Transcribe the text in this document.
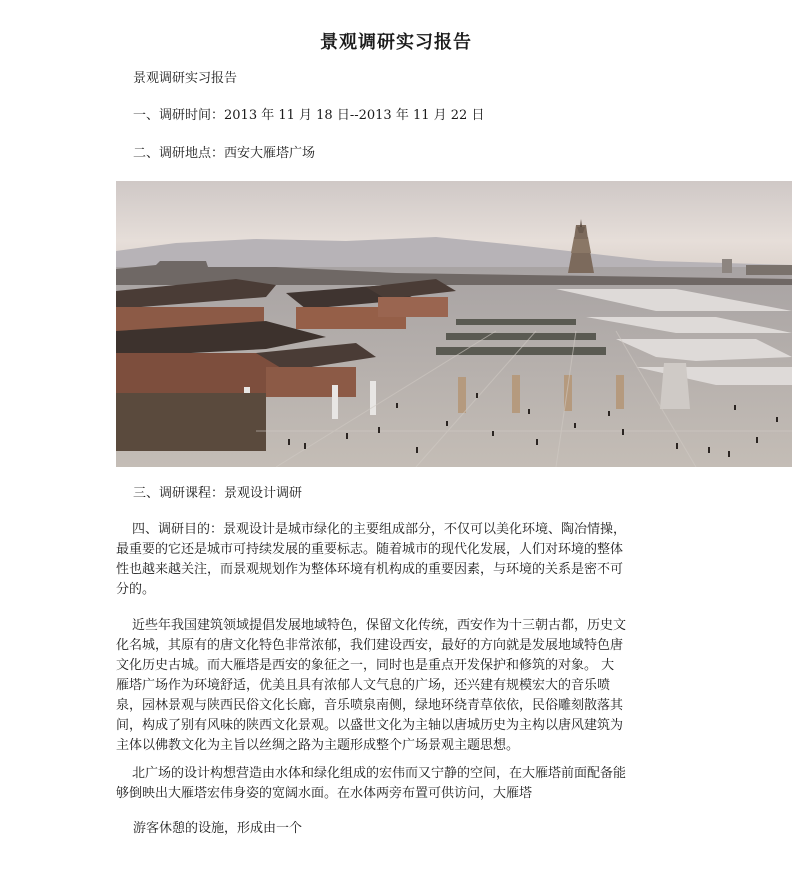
景观调研实习报告
景观调研实习报告
一、调研时间：2013 年 11 月 18 日--2013 年 11 月 22 日
二、调研地点：西安大雁塔广场
三、调研课程：景观设计调研
四、调研目的：景观设计是城市绿化的主要组成部分，不仅可以美化环境、陶冶情操，
最重要的它还是城市可持续发展的重要标志。随着城市的现代化发展，人们对环境的整体
性也越来越关注，而景观规划作为整体环境有机构成的重要因素，与环境的关系是密不可
分的。
近些年我国建筑领域提倡发展地域特色，保留文化传统，西安作为十三朝古都，历史文
化名城，其原有的唐文化特色非常浓郁，我们建设西安，最好的方向就是发展地域特色唐
文化历史古城。而大雁塔是西安的象征之一，同时也是重点开发保护和修筑的对象。 大
雁塔广场作为环境舒适，优美且具有浓郁人文气息的广场，还兴建有规模宏大的音乐喷
泉，园林景观与陕西民俗文化长廊，音乐喷泉南侧，绿地环绕青草依依，民俗雕刻散落其
间，构成了别有风味的陕西文化景观。以盛世文化为主轴以唐城历史为主构以唐风建筑为
主体以佛教文化为主旨以丝绸之路为主题形成整个广场景观主题思想。
北广场的设计构想营造由水体和绿化组成的宏伟而又宁静的空间，在大雁塔前面配备能
够倒映出大雁塔宏伟身姿的宽阔水面。在水体两旁布置可供访问，大雁塔
游客休憩的设施，形成由一个
